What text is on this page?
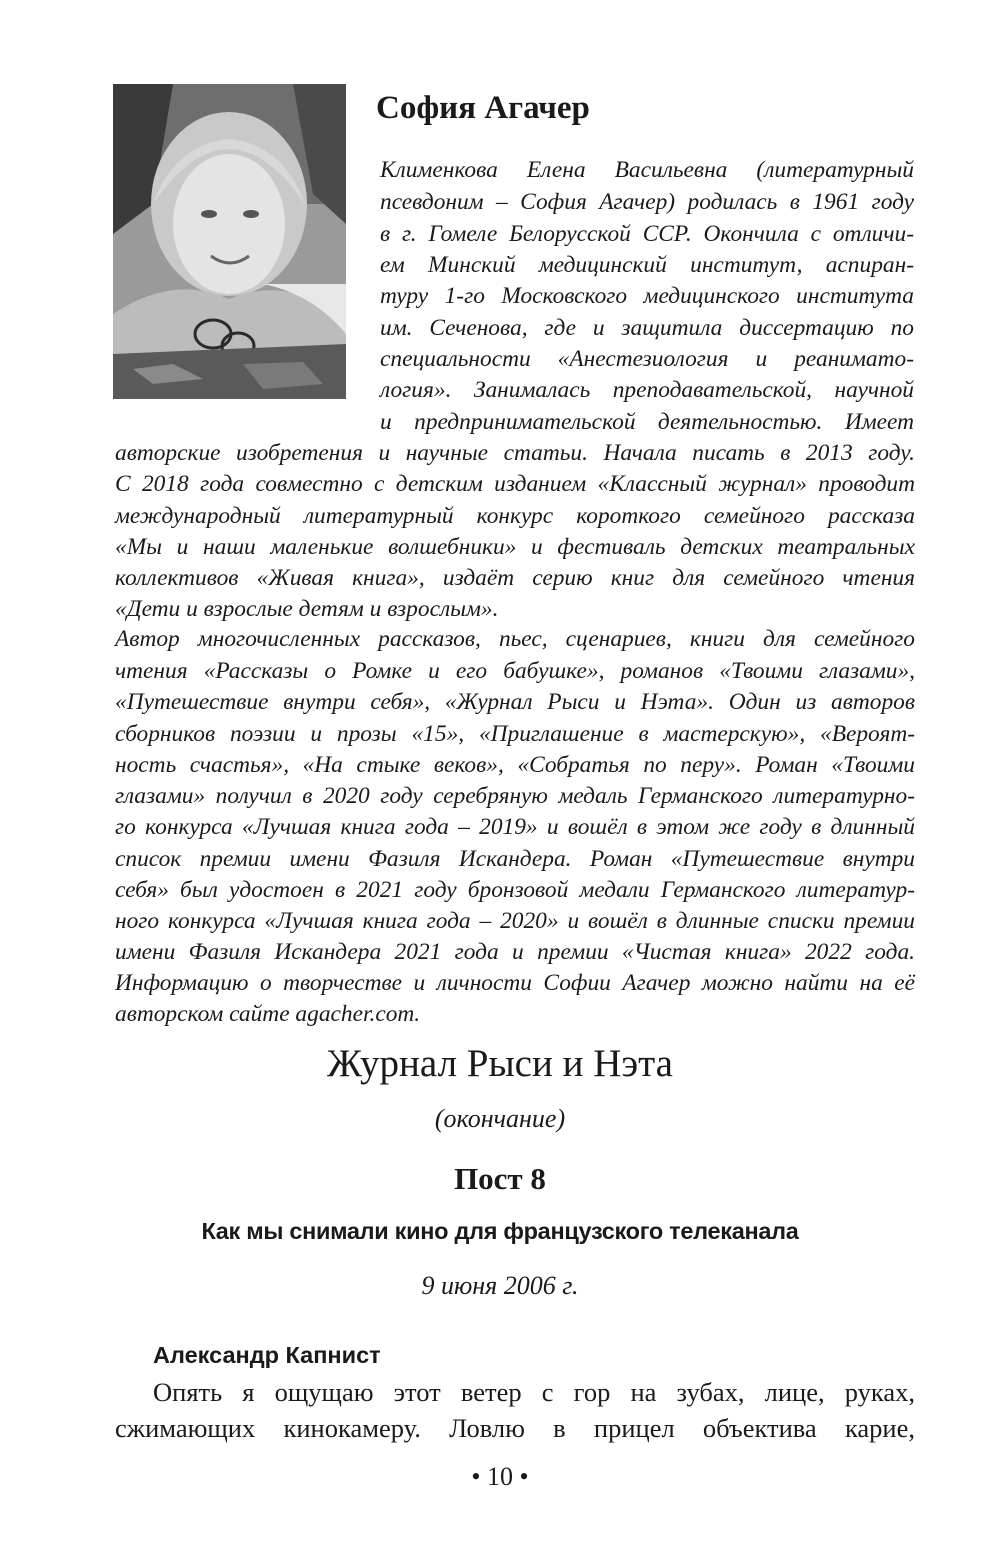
София Агачер
Клименкова Елена Васильевна (литературный
псевдоним – София Агачер) родилась в 1961 году
в г. Гомеле Белорусской ССР. Окончила с отличи-
ем Минский медицинский институт, аспиран-
туру 1-го Московского медицинского института
им. Сеченова, где и защитила диссертацию по
специальности «Анестезиология и реанимато-
логия». Занималась преподавательской, научной
и предпринимательской деятельностью. Имеет
авторские изобретения и научные статьи. Начала писать в 2013 году.
С 2018 года совместно с детским изданием «Классный журнал» проводит
международный литературный конкурс короткого семейного рассказа
«Мы и наши маленькие волшебники» и фестиваль детских театральных
коллективов «Живая книга», издаёт серию книг для семейного чтения
«Дети и взрослые детям и взрослым».
Автор многочисленных рассказов, пьес, сценариев, книги для семейного
чтения «Рассказы о Ромке и его бабушке», романов «Твоими глазами»,
«Путешествие внутри себя», «Журнал Рыси и Нэта». Один из авторов
сборников поэзии и прозы «15», «Приглашение в мастерскую», «Вероят-
ность счастья», «На стыке веков», «Собратья по перу». Роман «Твоими
глазами» получил в 2020 году серебряную медаль Германского литературно-
го конкурса «Лучшая книга года – 2019» и вошёл в этом же году в длинный
список премии имени Фазиля Искандера. Роман «Путешествие внутри
себя» был удостоен в 2021 году бронзовой медали Германского литератур-
ного конкурса «Лучшая книга года – 2020» и вошёл в длинные списки премии
имени Фазиля Искандера 2021 года и премии «Чистая книга» 2022 года.
Информацию о творчестве и личности Софии Агачер можно найти на её
авторском сайте agacher.com.
Журнал Рыси и Нэта
(окончание)
Пост 8
Как мы снимали кино для французского телеканала
9 июня 2006 г.
Александр Капнист
Опять я ощущаю этот ветер с гор на зубах, лице, руках,
сжимающих кинокамеру. Ловлю в прицел объектива карие,
• 10 •
